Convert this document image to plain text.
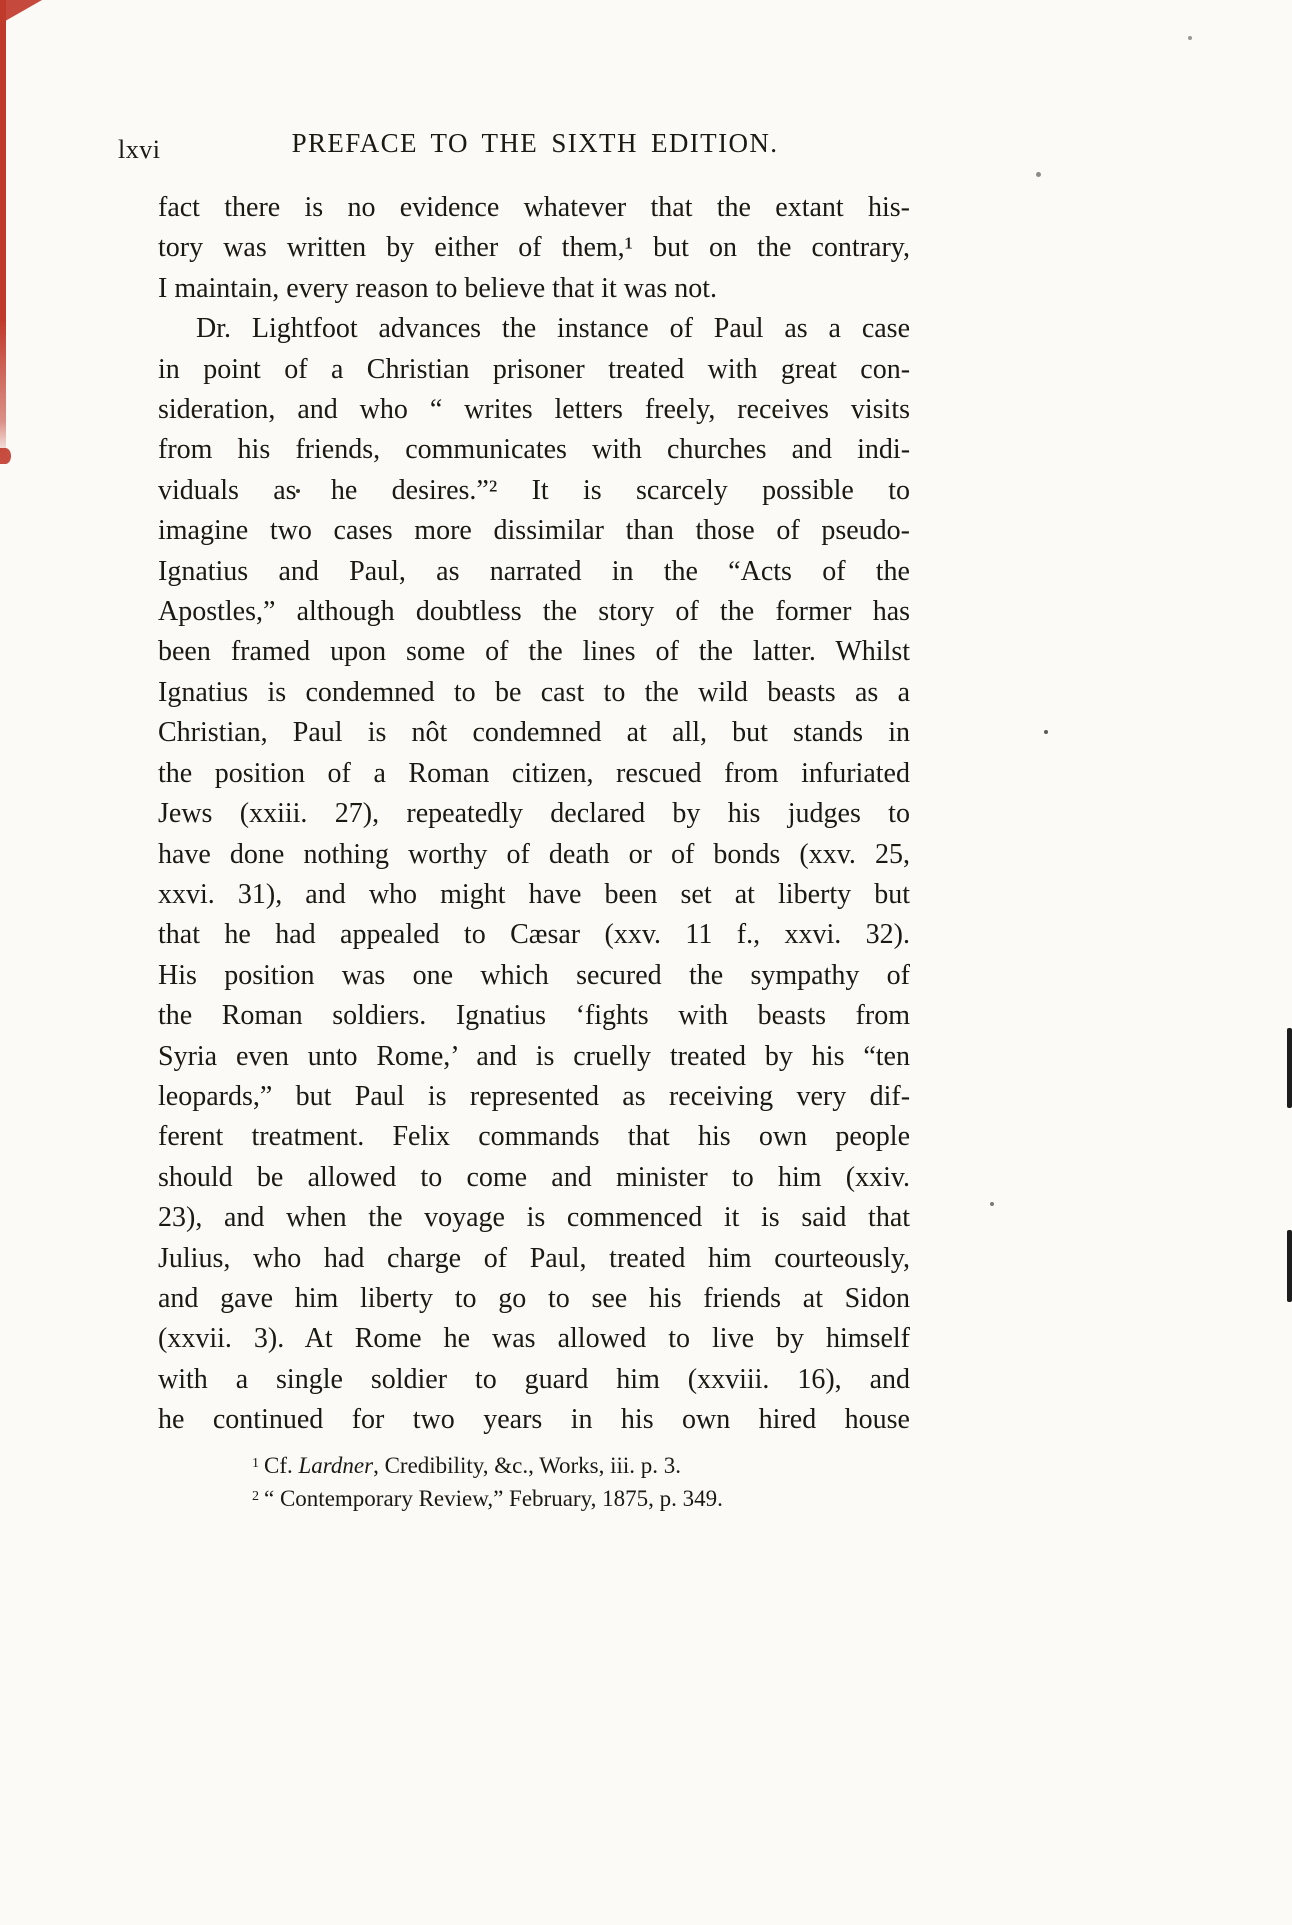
lxvi	PREFACE TO THE SIXTH EDITION.
fact there is no evidence whatever that the extant his-
tory was written by either of them,¹ but on the contrary,
I maintain, every reason to believe that it was not.
Dr. Lightfoot advances the instance of Paul as a case
in point of a Christian prisoner treated with great con-
sideration, and who “ writes letters freely, receives visits
from his friends, communicates with churches and indi-
viduals as he desires.”² It is scarcely possible to
imagine two cases more dissimilar than those of pseudo-
Ignatius and Paul, as narrated in the “Acts of the
Apostles,” although doubtless the story of the former has
been framed upon some of the lines of the latter. Whilst
Ignatius is condemned to be cast to the wild beasts as a
Christian, Paul is nôt condemned at all, but stands in
the position of a Roman citizen, rescued from infuriated
Jews (xxiii. 27), repeatedly declared by his judges to
have done nothing worthy of death or of bonds (xxv. 25,
xxvi. 31), and who might have been set at liberty but
that he had appealed to Cæsar (xxv. 11 f., xxvi. 32).
His position was one which secured the sympathy of
the Roman soldiers. Ignatius ‘fights with beasts from
Syria even unto Rome,’ and is cruelly treated by his “ten
leopards,” but Paul is represented as receiving very dif-
ferent treatment. Felix commands that his own people
should be allowed to come and minister to him (xxiv.
23), and when the voyage is commenced it is said that
Julius, who had charge of Paul, treated him courteously,
and gave him liberty to go to see his friends at Sidon
(xxvii. 3). At Rome he was allowed to live by himself
with a single soldier to guard him (xxviii. 16), and
he continued for two years in his own hired house
$^1$ Cf. Lardner, Credibility, &c., Works, iii. p. 3.
$^2$ “ Contemporary Review,” February, 1875, p. 349.
